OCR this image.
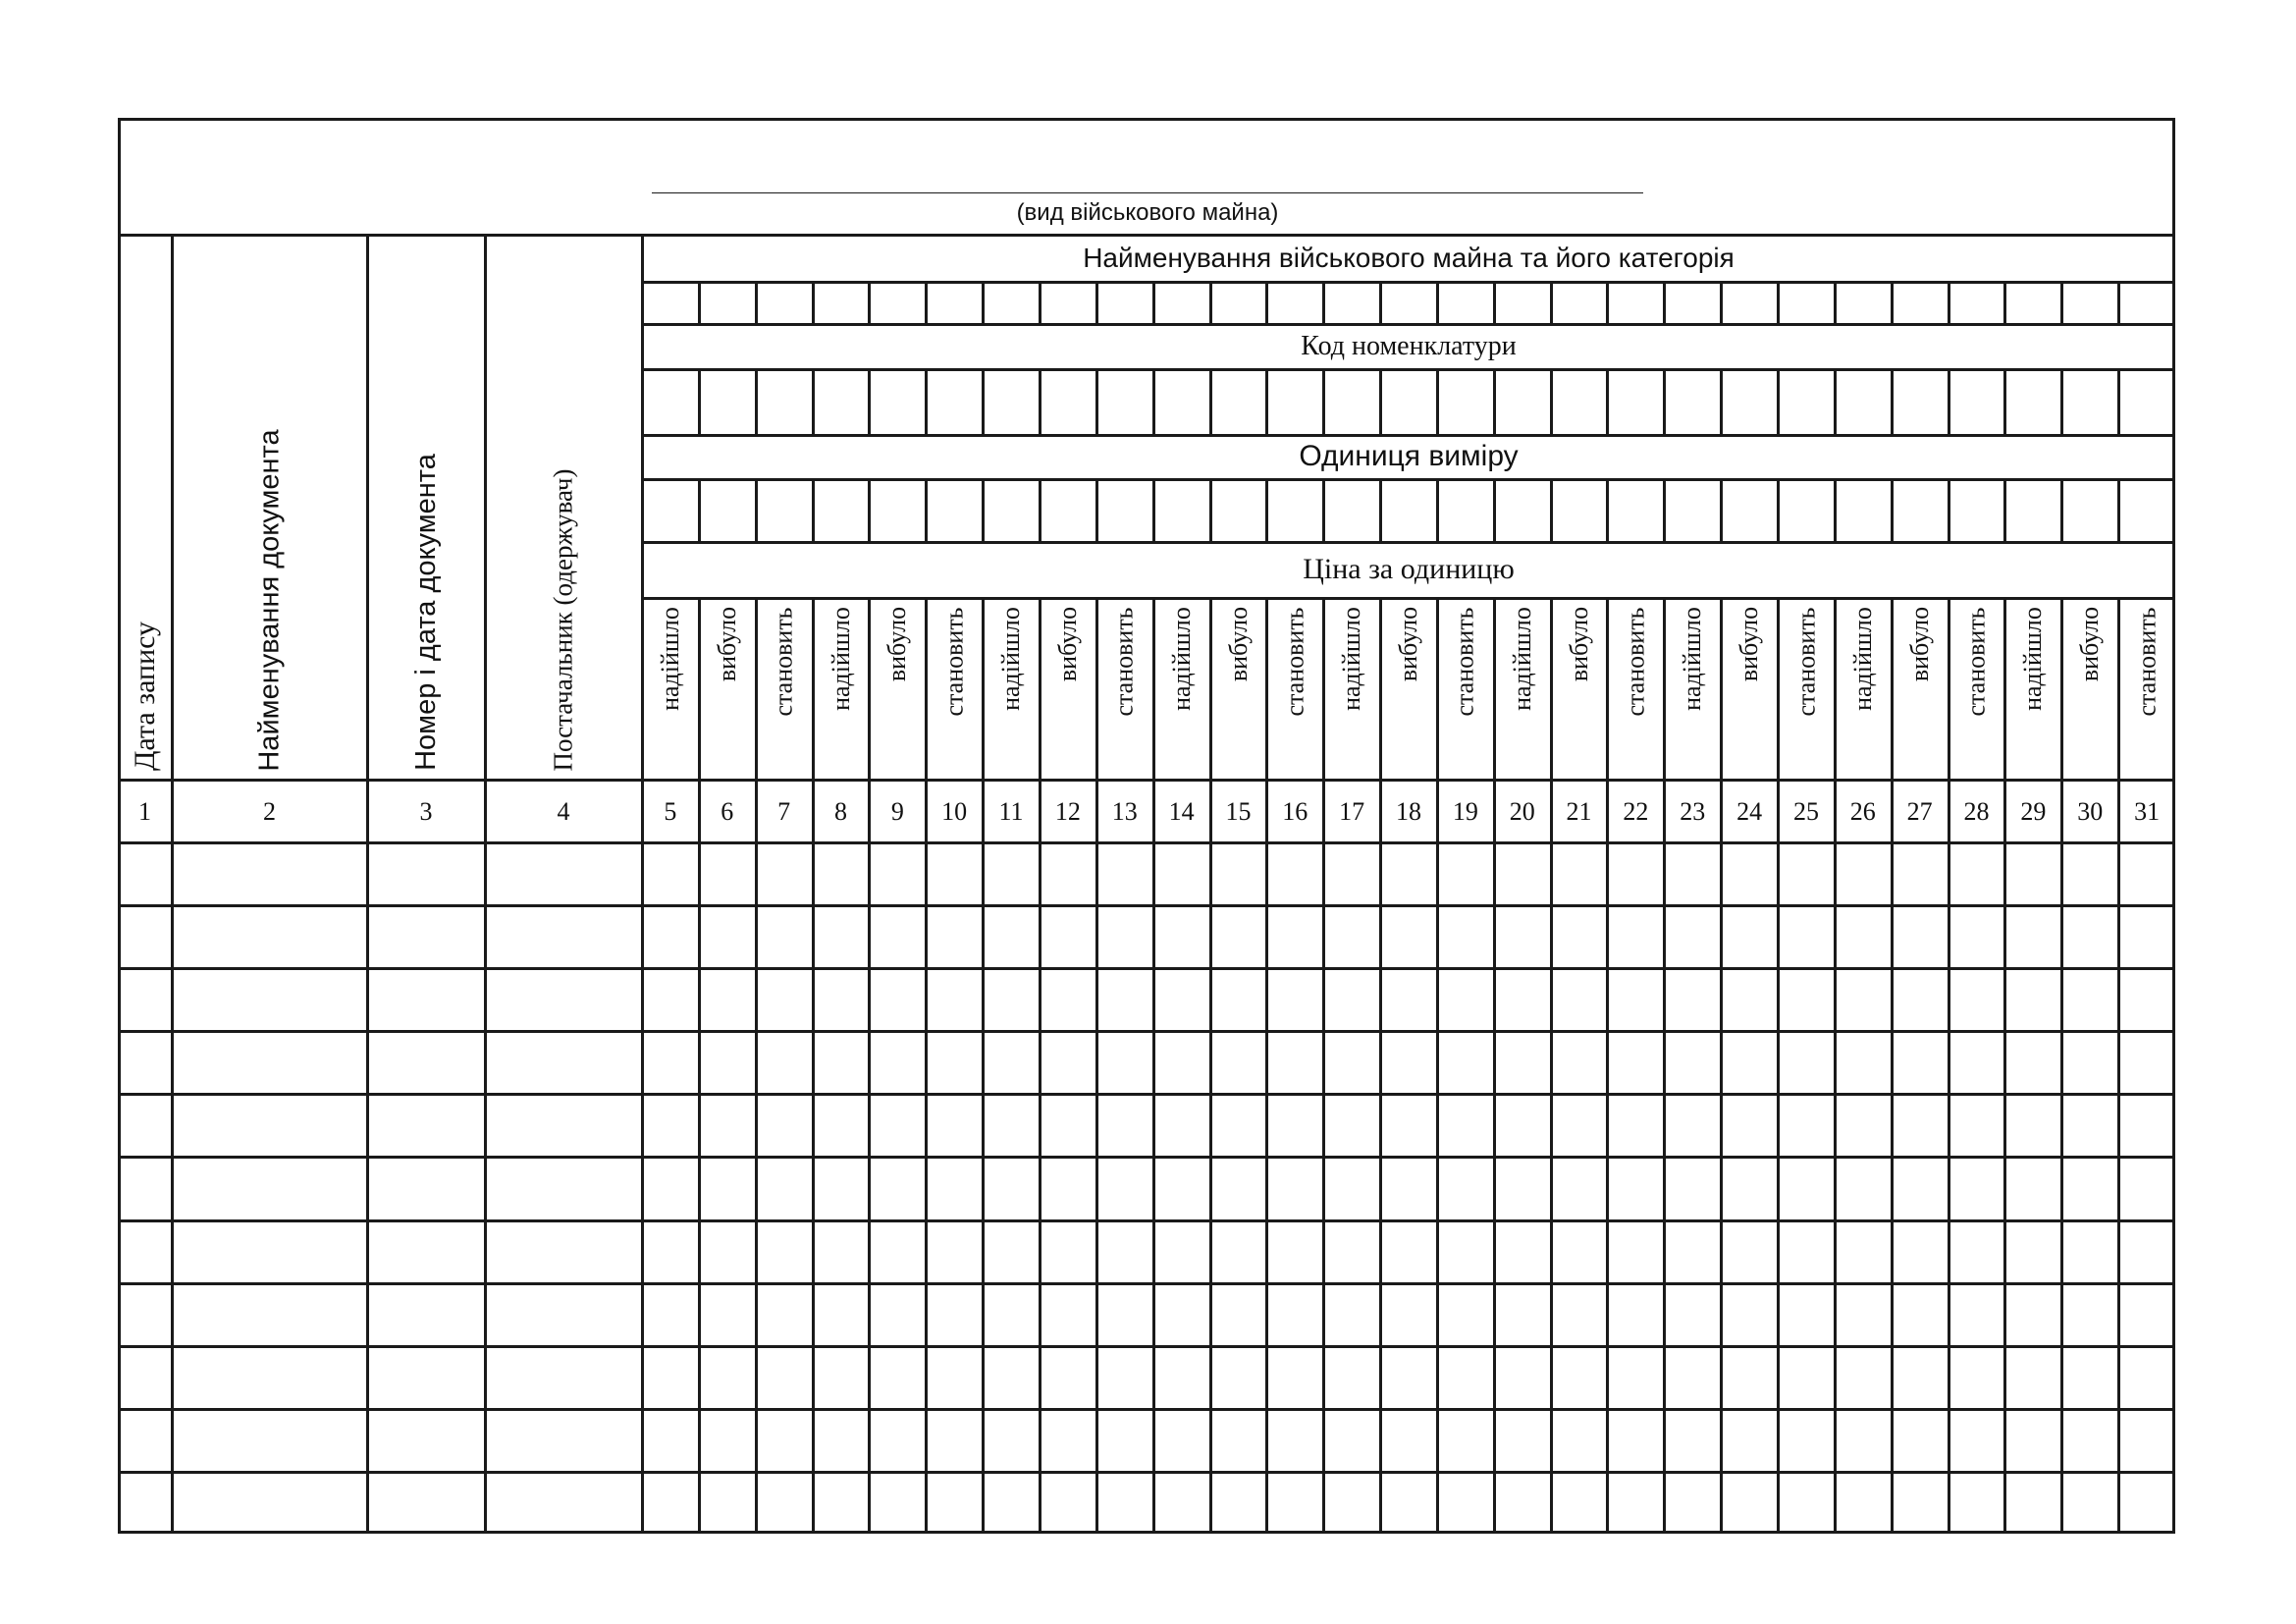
(вид військового майна)
Найменування військового майна та його категорія
Код номенклатури
Одиниця виміру
Ціна за одиницю
Дата запису	Найменування документа	Номер і дата документа	Постачальник (одержувач)	надійшло вибуло становить надійшло вибуло становить надійшло вибуло становить надійшло вибуло становить надійшло вибуло становить надійшло вибуло становить надійшло вибуло становить надійшло вибуло становить надійшло вибуло становить
1	2	3	4	5	6	7	8	9	10	11	12	13	14	15	16	17	18	19	20	21	22	23	24	25	26	27	28	29	30	31
